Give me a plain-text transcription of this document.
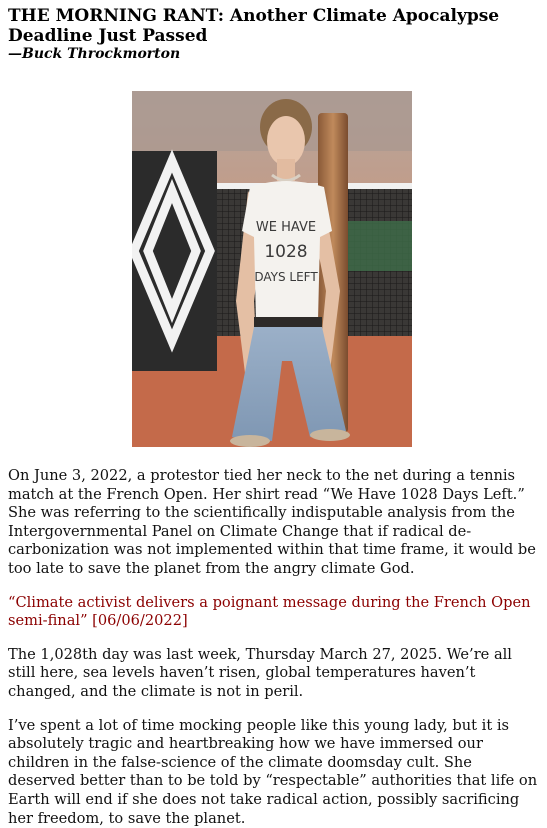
THE MORNING RANT: Another Climate Apocalypse Deadline Just Passed

—Buck Throckmorton

WE HAVE
1028
DAYS LEFT

On June 3, 2022, a protestor tied her neck to the net during a tennis match at the French Open. Her shirt read “We Have 1028 Days Left.” She was referring to the scientifically indisputable analysis from the Intergovernmental Panel on Climate Change that if radical de-carbonization was not implemented within that time frame, it would be too late to save the planet from the angry climate God.

“Climate activist delivers a poignant message during the French Open semi-final” [06/06/2022]

The 1,028th day was last week, Thursday March 27, 2025. We’re all still here, sea levels haven’t risen, global temperatures haven’t changed, and the climate is not in peril.

I’ve spent a lot of time mocking people like this young lady, but it is absolutely tragic and heartbreaking how we have immersed our children in the false-science of the climate doomsday cult. She deserved better than to be told by “respectable” authorities that life on Earth will end if she does not take radical action, possibly sacrificing her freedom, to save the planet.
